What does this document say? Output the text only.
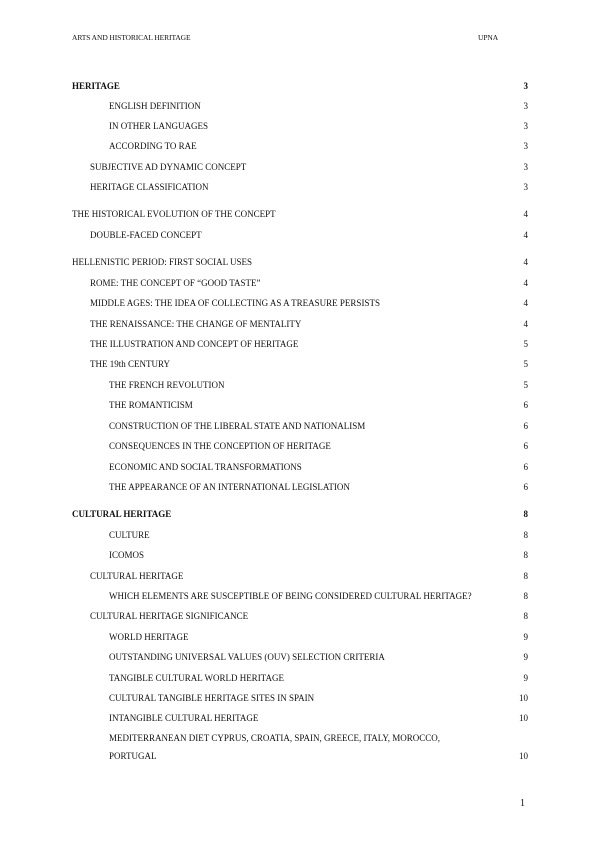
ARTS AND HISTORICAL HERITAGE	UPNA
HERITAGE	3
ENGLISH DEFINITION	3
IN OTHER LANGUAGES	3
ACCORDING TO RAE	3
SUBJECTIVE AD DYNAMIC CONCEPT	3
HERITAGE CLASSIFICATION	3
THE HISTORICAL EVOLUTION OF THE CONCEPT	4
DOUBLE-FACED CONCEPT	4
HELLENISTIC PERIOD: FIRST SOCIAL USES	4
ROME: THE CONCEPT OF “GOOD TASTE”	4
MIDDLE AGES: THE IDEA OF COLLECTING AS A TREASURE PERSISTS	4
THE RENAISSANCE: THE CHANGE OF MENTALITY	4
THE ILLUSTRATION AND CONCEPT OF HERITAGE	5
THE 19th CENTURY	5
THE FRENCH REVOLUTION	5
THE ROMANTICISM	6
CONSTRUCTION OF THE LIBERAL STATE AND NATIONALISM	6
CONSEQUENCES IN THE CONCEPTION OF HERITAGE	6
ECONOMIC AND SOCIAL TRANSFORMATIONS	6
THE APPEARANCE OF AN INTERNATIONAL LEGISLATION	6
CULTURAL HERITAGE	8
CULTURE	8
ICOMOS	8
CULTURAL HERITAGE	8
WHICH ELEMENTS ARE SUSCEPTIBLE OF BEING CONSIDERED CULTURAL HERITAGE?	8
CULTURAL HERITAGE SIGNIFICANCE	8
WORLD HERITAGE	9
OUTSTANDING UNIVERSAL VALUES (OUV) SELECTION CRITERIA	9
TANGIBLE CULTURAL WORLD HERITAGE	9
CULTURAL TANGIBLE HERITAGE SITES IN SPAIN	10
INTANGIBLE CULTURAL HERITAGE	10
MEDITERRANEAN DIET CYPRUS, CROATIA, SPAIN, GREECE, ITALY, MOROCCO,
PORTUGAL	10
1
